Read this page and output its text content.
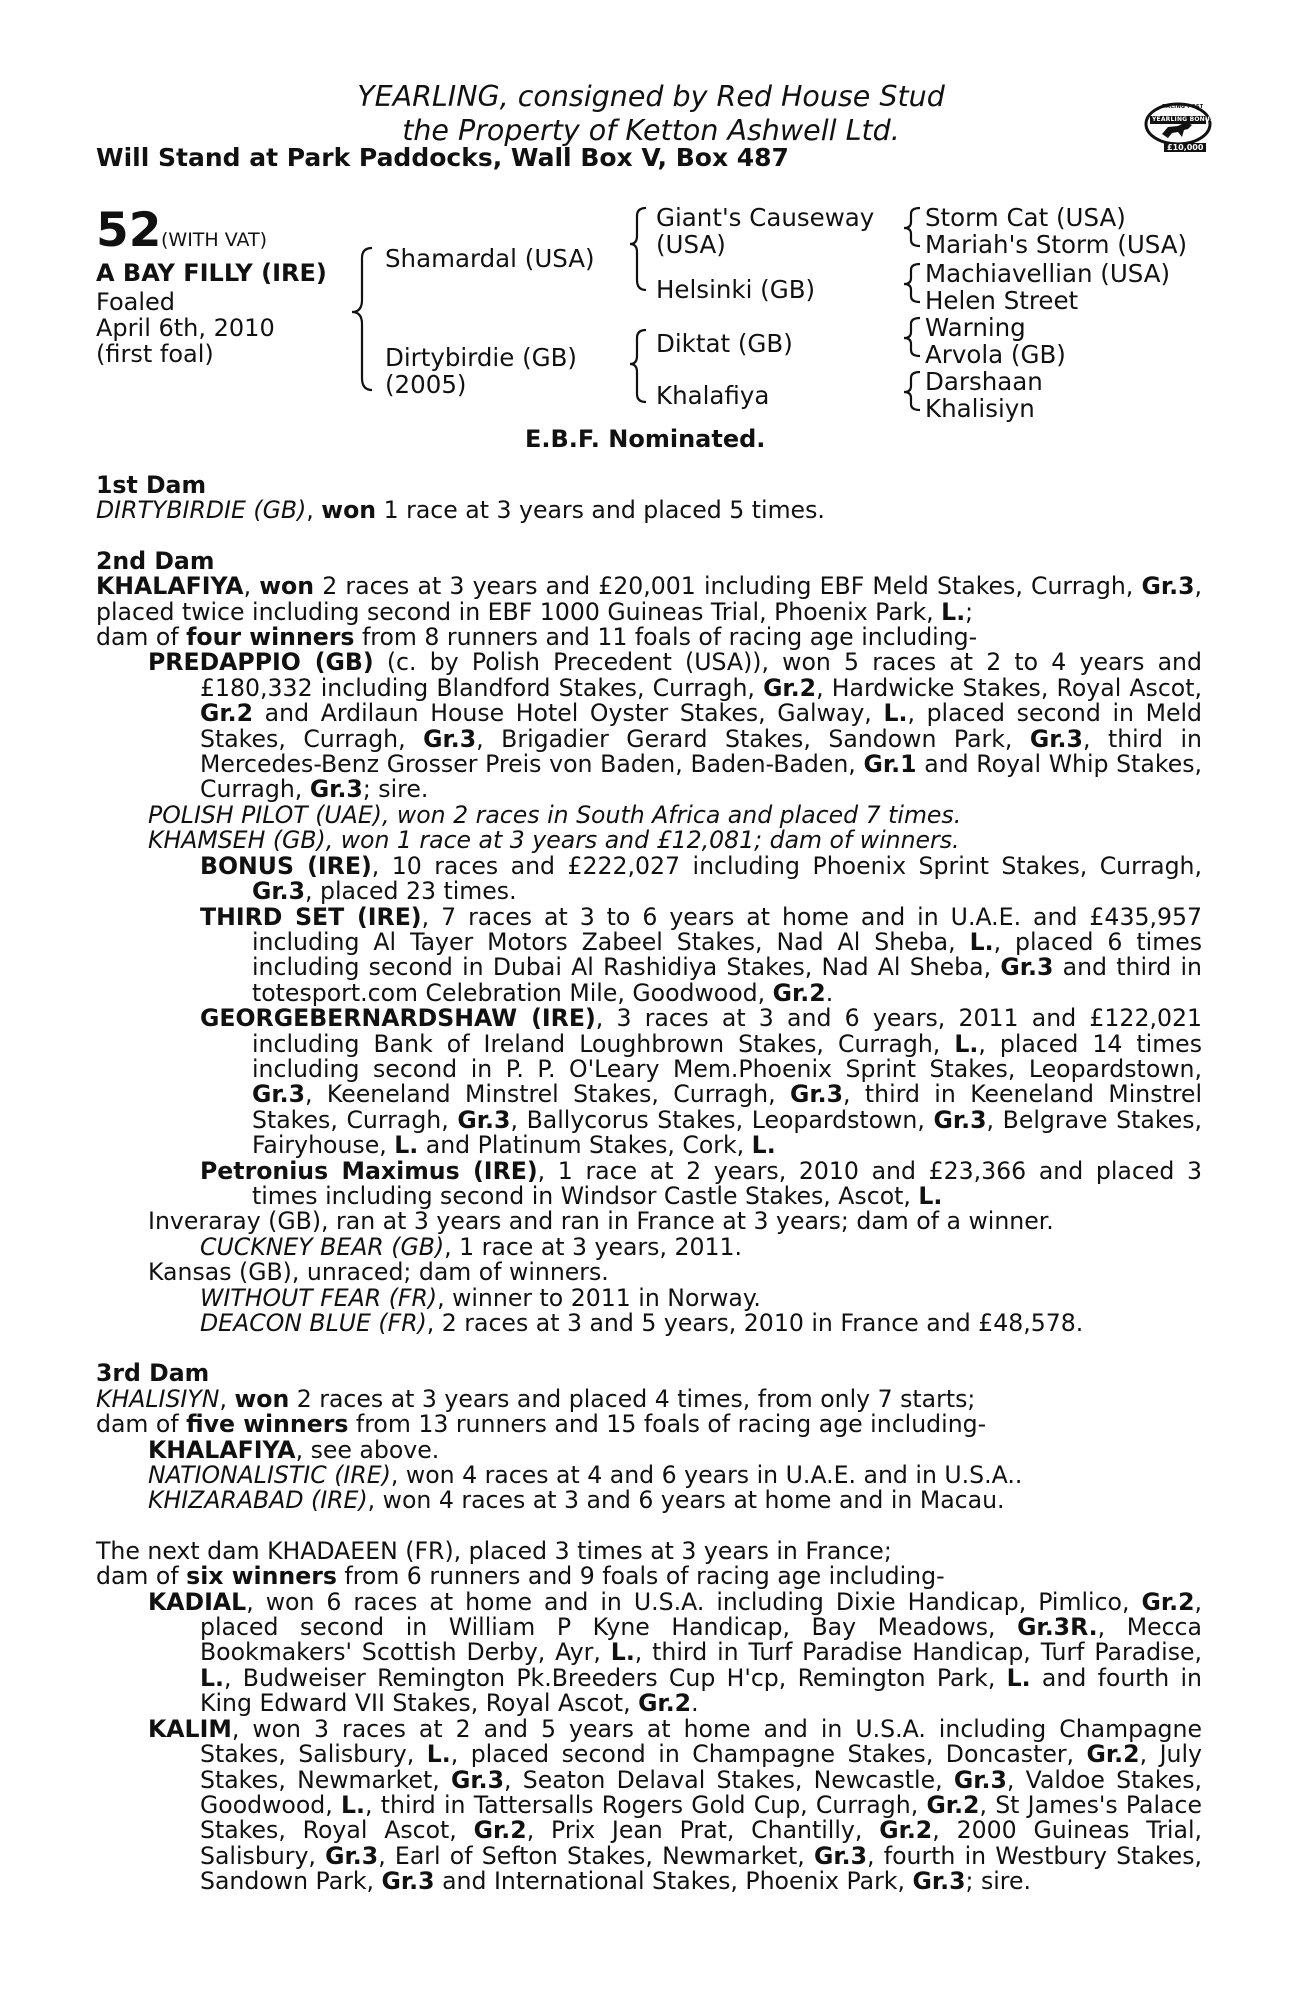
YEARLING, consigned by Red House Stud
the Property of Ketton Ashwell Ltd.
Will Stand at Park Paddocks, Wall Box V, Box 487
RACING POST
YEARLING BONUS
£10,000
52 (WITH VAT)
A BAY FILLY (IRE)
Foaled
April 6th, 2010
(first foal)
Shamardal (USA)
Dirtybirdie (GB)
(2005)
Giant's Causeway
(USA)
Helsinki (GB)
Diktat (GB)
Khalafiya
Storm Cat (USA)
Mariah's Storm (USA)
Machiavellian (USA)
Helen Street
Warning
Arvola (GB)
Darshaan
Khalisiyn
E.B.F. Nominated.
1st Dam
DIRTYBIRDIE (GB), won 1 race at 3 years and placed 5 times.
2nd Dam
KHALAFIYA, won 2 races at 3 years and £20,001 including EBF Meld Stakes, Curragh, Gr.3, placed twice including second in EBF 1000 Guineas Trial, Phoenix Park, L.;
dam of four winners from 8 runners and 11 foals of racing age including-
PREDAPPIO (GB) (c. by Polish Precedent (USA)), won 5 races at 2 to 4 years and £180,332 including Blandford Stakes, Curragh, Gr.2, Hardwicke Stakes, Royal Ascot, Gr.2 and Ardilaun House Hotel Oyster Stakes, Galway, L., placed second in Meld Stakes, Curragh, Gr.3, Brigadier Gerard Stakes, Sandown Park, Gr.3, third in Mercedes-Benz Grosser Preis von Baden, Baden-Baden, Gr.1 and Royal Whip Stakes, Curragh, Gr.3; sire.
POLISH PILOT (UAE), won 2 races in South Africa and placed 7 times.
KHAMSEH (GB), won 1 race at 3 years and £12,081; dam of winners.
BONUS (IRE), 10 races and £222,027 including Phoenix Sprint Stakes, Curragh, Gr.3, placed 23 times.
THIRD SET (IRE), 7 races at 3 to 6 years at home and in U.A.E. and £435,957 including Al Tayer Motors Zabeel Stakes, Nad Al Sheba, L., placed 6 times including second in Dubai Al Rashidiya Stakes, Nad Al Sheba, Gr.3 and third in totesport.com Celebration Mile, Goodwood, Gr.2.
GEORGEBERNARDSHAW (IRE), 3 races at 3 and 6 years, 2011 and £122,021 including Bank of Ireland Loughbrown Stakes, Curragh, L., placed 14 times including second in P. P. O'Leary Mem.Phoenix Sprint Stakes, Leopardstown, Gr.3, Keeneland Minstrel Stakes, Curragh, Gr.3, third in Keeneland Minstrel Stakes, Curragh, Gr.3, Ballycorus Stakes, Leopardstown, Gr.3, Belgrave Stakes, Fairyhouse, L. and Platinum Stakes, Cork, L.
Petronius Maximus (IRE), 1 race at 2 years, 2010 and £23,366 and placed 3 times including second in Windsor Castle Stakes, Ascot, L.
Inveraray (GB), ran at 3 years and ran in France at 3 years; dam of a winner.
CUCKNEY BEAR (GB), 1 race at 3 years, 2011.
Kansas (GB), unraced; dam of winners.
WITHOUT FEAR (FR), winner to 2011 in Norway.
DEACON BLUE (FR), 2 races at 3 and 5 years, 2010 in France and £48,578.
3rd Dam
KHALISIYN, won 2 races at 3 years and placed 4 times, from only 7 starts;
dam of five winners from 13 runners and 15 foals of racing age including-
KHALAFIYA, see above.
NATIONALISTIC (IRE), won 4 races at 4 and 6 years in U.A.E. and in U.S.A..
KHIZARABAD (IRE), won 4 races at 3 and 6 years at home and in Macau.
The next dam KHADAEEN (FR), placed 3 times at 3 years in France;
dam of six winners from 6 runners and 9 foals of racing age including-
KADIAL, won 6 races at home and in U.S.A. including Dixie Handicap, Pimlico, Gr.2, placed second in William P Kyne Handicap, Bay Meadows, Gr.3R., Mecca Bookmakers' Scottish Derby, Ayr, L., third in Turf Paradise Handicap, Turf Paradise, L., Budweiser Remington Pk.Breeders Cup H'cp, Remington Park, L. and fourth in King Edward VII Stakes, Royal Ascot, Gr.2.
KALIM, won 3 races at 2 and 5 years at home and in U.S.A. including Champagne Stakes, Salisbury, L., placed second in Champagne Stakes, Doncaster, Gr.2, July Stakes, Newmarket, Gr.3, Seaton Delaval Stakes, Newcastle, Gr.3, Valdoe Stakes, Goodwood, L., third in Tattersalls Rogers Gold Cup, Curragh, Gr.2, St James's Palace Stakes, Royal Ascot, Gr.2, Prix Jean Prat, Chantilly, Gr.2, 2000 Guineas Trial, Salisbury, Gr.3, Earl of Sefton Stakes, Newmarket, Gr.3, fourth in Westbury Stakes, Sandown Park, Gr.3 and International Stakes, Phoenix Park, Gr.3; sire.
